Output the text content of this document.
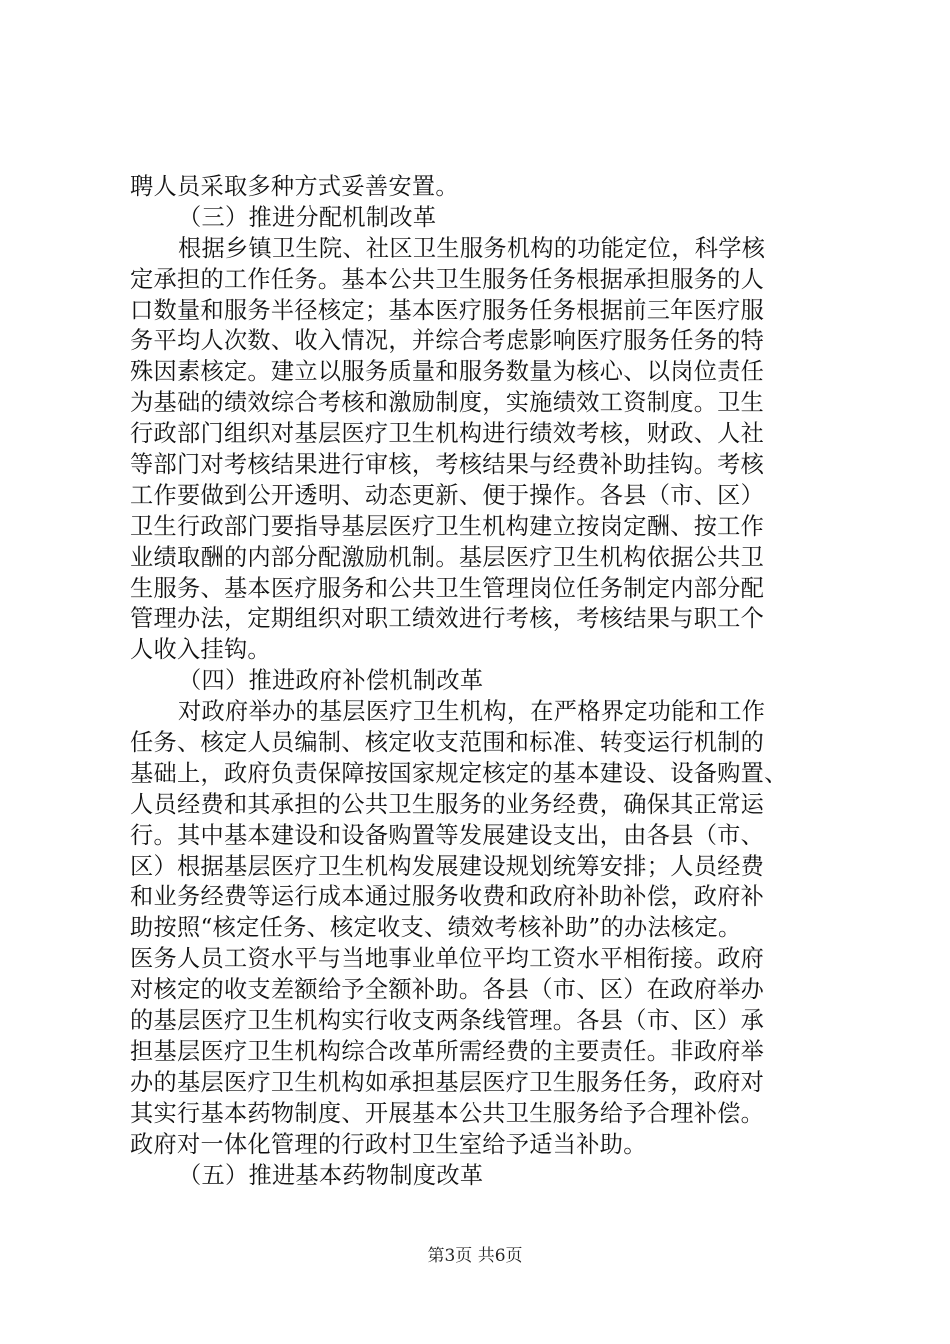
聘人员采取多种方式妥善安置。
（三）推进分配机制改革
根据乡镇卫生院、社区卫生服务机构的功能定位，科学核
定承担的工作任务。基本公共卫生服务任务根据承担服务的人
口数量和服务半径核定；基本医疗服务任务根据前三年医疗服
务平均人次数、收入情况，并综合考虑影响医疗服务任务的特
殊因素核定。建立以服务质量和服务数量为核心、以岗位责任
为基础的绩效综合考核和激励制度，实施绩效工资制度。卫生
行政部门组织对基层医疗卫生机构进行绩效考核，财政、人社
等部门对考核结果进行审核，考核结果与经费补助挂钩。考核
工作要做到公开透明、动态更新、便于操作。各县（市、区）
卫生行政部门要指导基层医疗卫生机构建立按岗定酬、按工作
业绩取酬的内部分配激励机制。基层医疗卫生机构依据公共卫
生服务、基本医疗服务和公共卫生管理岗位任务制定内部分配
管理办法，定期组织对职工绩效进行考核，考核结果与职工个
人收入挂钩。
（四）推进政府补偿机制改革
对政府举办的基层医疗卫生机构，在严格界定功能和工作
任务、核定人员编制、核定收支范围和标准、转变运行机制的
基础上，政府负责保障按国家规定核定的基本建设、设备购置、
人员经费和其承担的公共卫生服务的业务经费，确保其正常运
行。其中基本建设和设备购置等发展建设支出，由各县（市、
区）根据基层医疗卫生机构发展建设规划统筹安排；人员经费
和业务经费等运行成本通过服务收费和政府补助补偿，政府补
助按照“核定任务、核定收支、绩效考核补助”的办法核定。
医务人员工资水平与当地事业单位平均工资水平相衔接。政府
对核定的收支差额给予全额补助。各县（市、区）在政府举办
的基层医疗卫生机构实行收支两条线管理。各县（市、区）承
担基层医疗卫生机构综合改革所需经费的主要责任。非政府举
办的基层医疗卫生机构如承担基层医疗卫生服务任务，政府对
其实行基本药物制度、开展基本公共卫生服务给予合理补偿。
政府对一体化管理的行政村卫生室给予适当补助。
（五）推进基本药物制度改革
第3页 共6页
